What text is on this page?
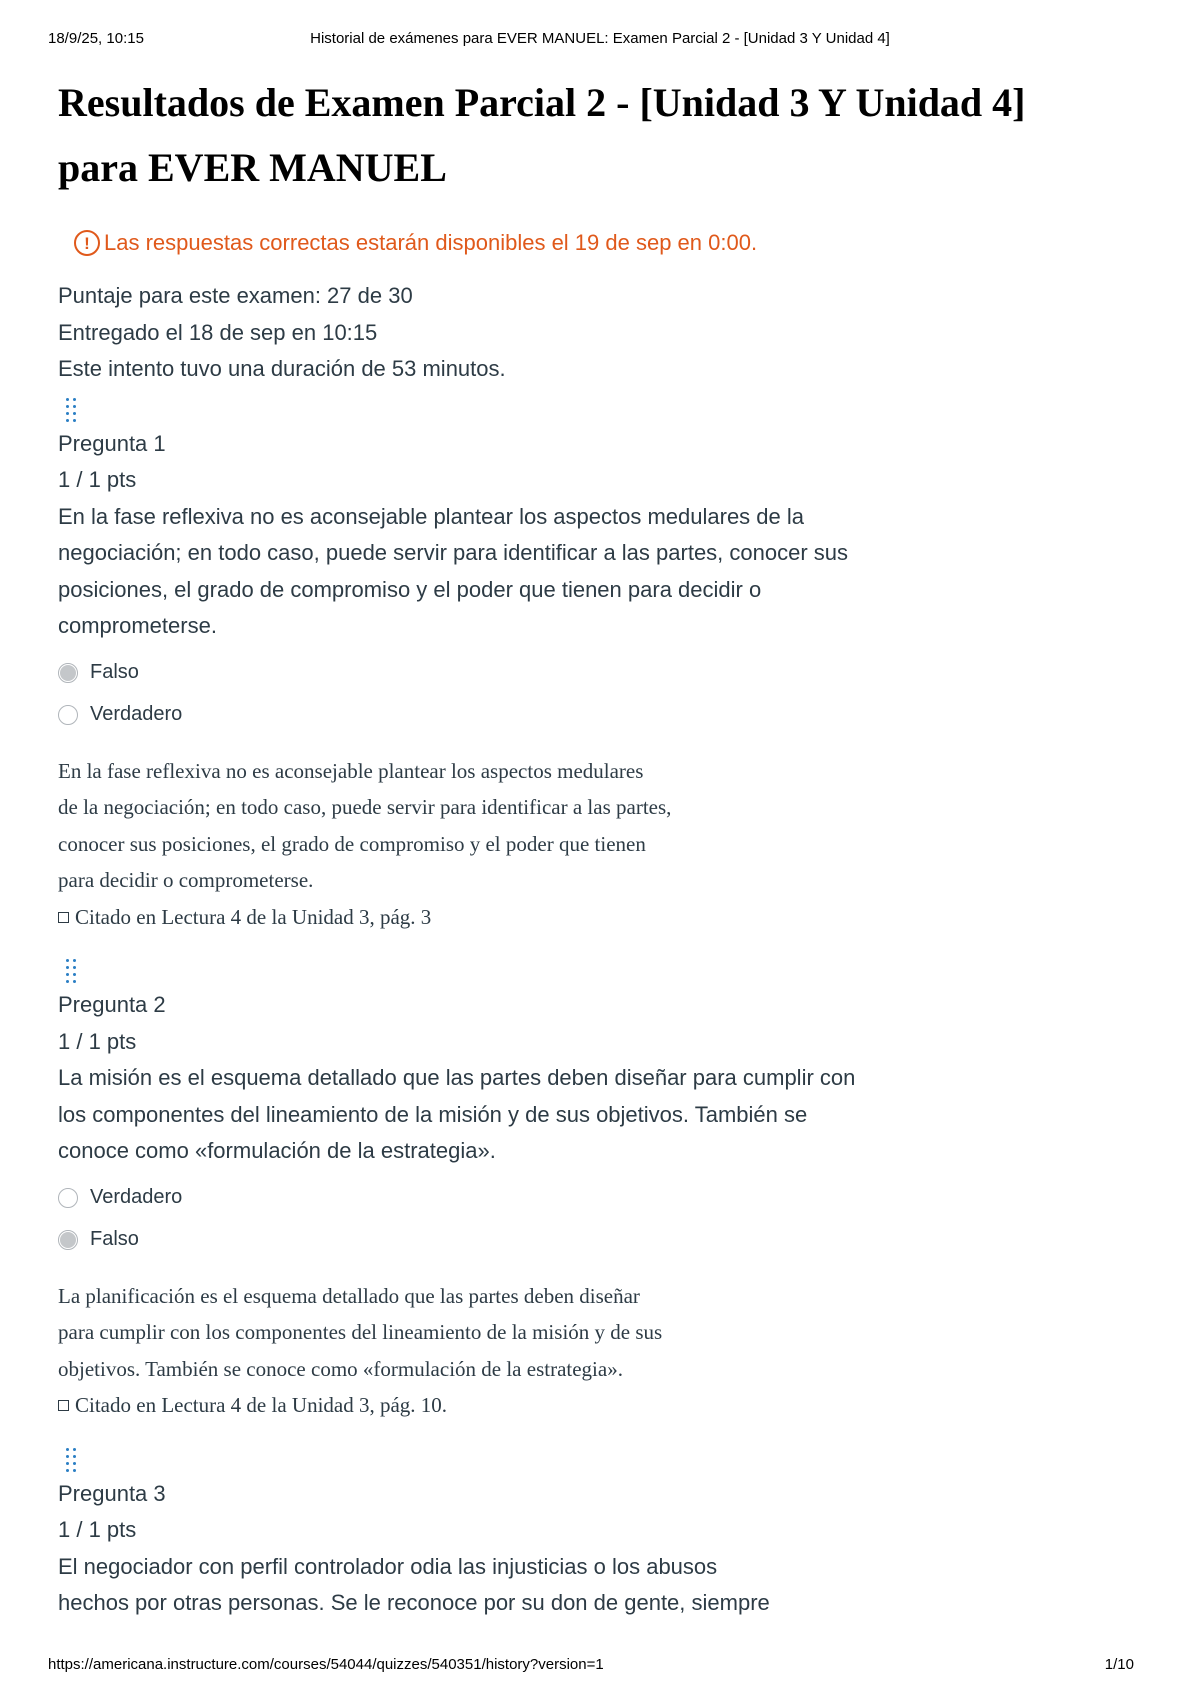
18/9/25, 10:15	Historial de exámenes para EVER MANUEL: Examen Parcial 2 - [Unidad 3 Y Unidad 4]
Resultados de Examen Parcial 2 - [Unidad 3 Y Unidad 4]
para EVER MANUEL
! Las respuestas correctas estarán disponibles el 19 de sep en 0:00.
Puntaje para este examen: 27 de 30
Entregado el 18 de sep en 10:15
Este intento tuvo una duración de 53 minutos.
Pregunta 1
1 / 1 pts
En la fase reflexiva no es aconsejable plantear los aspectos medulares de la negociación; en todo caso, puede servir para identificar a las partes, conocer sus posiciones, el grado de compromiso y el poder que tienen para decidir o comprometerse.
Falso
Verdadero
En la fase reflexiva no es aconsejable plantear los aspectos medulares
de la negociación; en todo caso, puede servir para identificar a las partes,
conocer sus posiciones, el grado de compromiso y el poder que tienen
para decidir o comprometerse.
Citado en Lectura 4 de la Unidad 3, pág. 3
Pregunta 2
1 / 1 pts
La misión es el esquema detallado que las partes deben diseñar para cumplir con los componentes del lineamiento de la misión y de sus objetivos. También se conoce como «formulación de la estrategia».
Verdadero
Falso
La planificación es el esquema detallado que las partes deben diseñar
para cumplir con los componentes del lineamiento de la misión y de sus
objetivos. También se conoce como «formulación de la estrategia».
Citado en Lectura 4 de la Unidad 3, pág. 10.
Pregunta 3
1 / 1 pts
El negociador con perfil controlador odia las injusticias o los abusos
hechos por otras personas. Se le reconoce por su don de gente, siempre
https://americana.instructure.com/courses/54044/quizzes/540351/history?version=1	1/10
